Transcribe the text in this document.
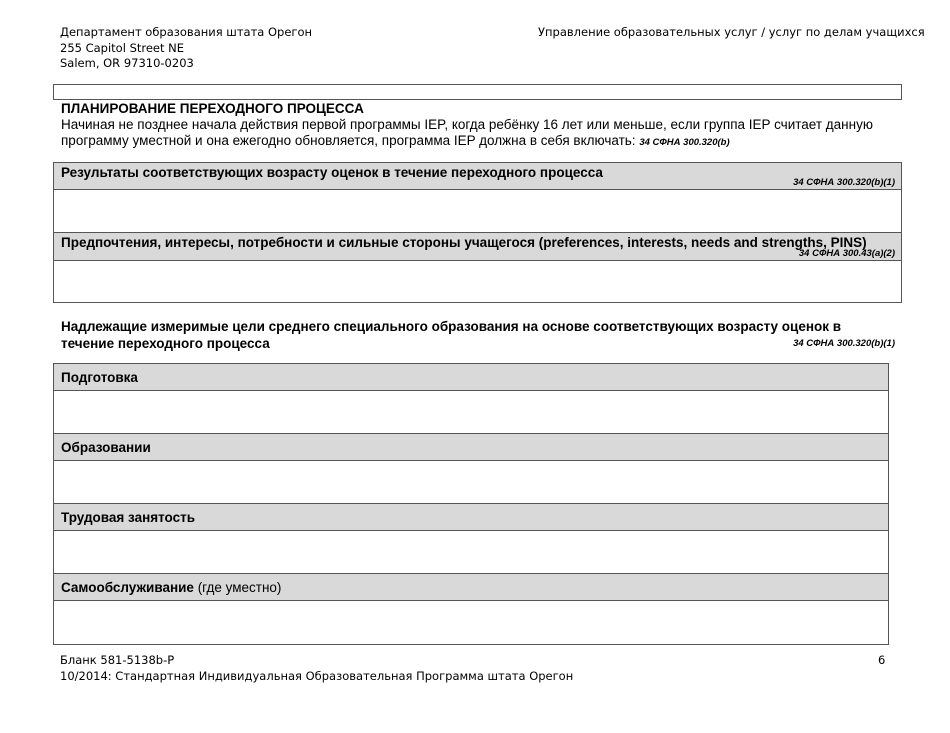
Департамент образования штата Орегон
255 Capitol Street NE
Salem, OR 97310-0203
Управление образовательных услуг / услуг по делам учащихся
ПЛАНИРОВАНИЕ ПЕРЕХОДНОГО ПРОЦЕССА
Начиная не позднее начала действия первой программы IEP, когда ребёнку 16 лет или меньше, если группа IEP считает данную программу уместной и она ежегодно обновляется, программа IEP должна в себя включать: 34 СФНА 300.320(b)
Результаты соответствующих возрасту оценок в течение переходного процесса
34 СФНА 300.320(b)(1)
Предпочтения, интересы, потребности и сильные стороны учащегося (preferences, interests, needs and strengths, PINS)
34 СФНА 300.43(a)(2)
Надлежащие измеримые цели среднего специального образования на основе соответствующих возрасту оценок в течение переходного процесса	34 СФНА 300.320(b)(1)
Подготовка
Образовании
Трудовая занятость
Самообслуживание (где уместно)
Бланк 581-5138b-P
10/2014: Стандартная Индивидуальная Образовательная Программа штата Орегон
6
